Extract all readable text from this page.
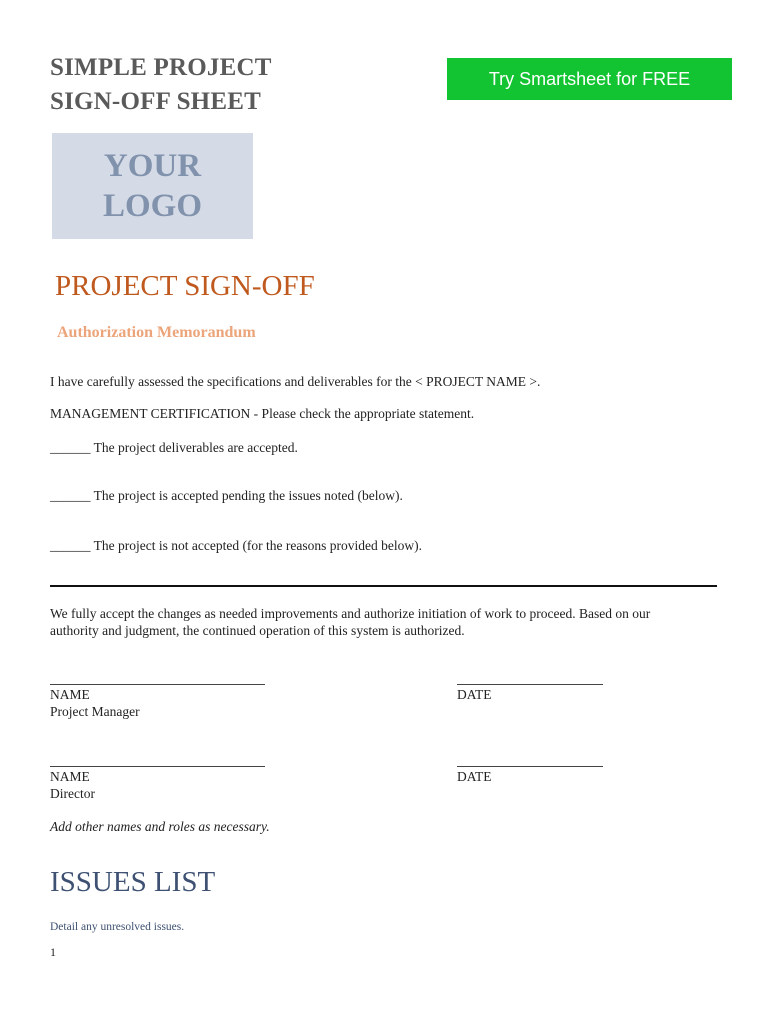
SIMPLE PROJECT
SIGN-OFF SHEET
Try Smartsheet for FREE
YOUR
LOGO
PROJECT SIGN-OFF
Authorization Memorandum
I have carefully assessed the specifications and deliverables for the < PROJECT NAME >.
MANAGEMENT CERTIFICATION - Please check the appropriate statement.
______ The project deliverables are accepted.
______ The project is accepted pending the issues noted (below).
______ The project is not accepted (for the reasons provided below).
We fully accept the changes as needed improvements and authorize initiation of work to proceed. Based on our
authority and judgment, the continued operation of this system is authorized.
NAME	DATE
Project Manager
NAME	DATE
Director
Add other names and roles as necessary.
ISSUES LIST
Detail any unresolved issues.
1
